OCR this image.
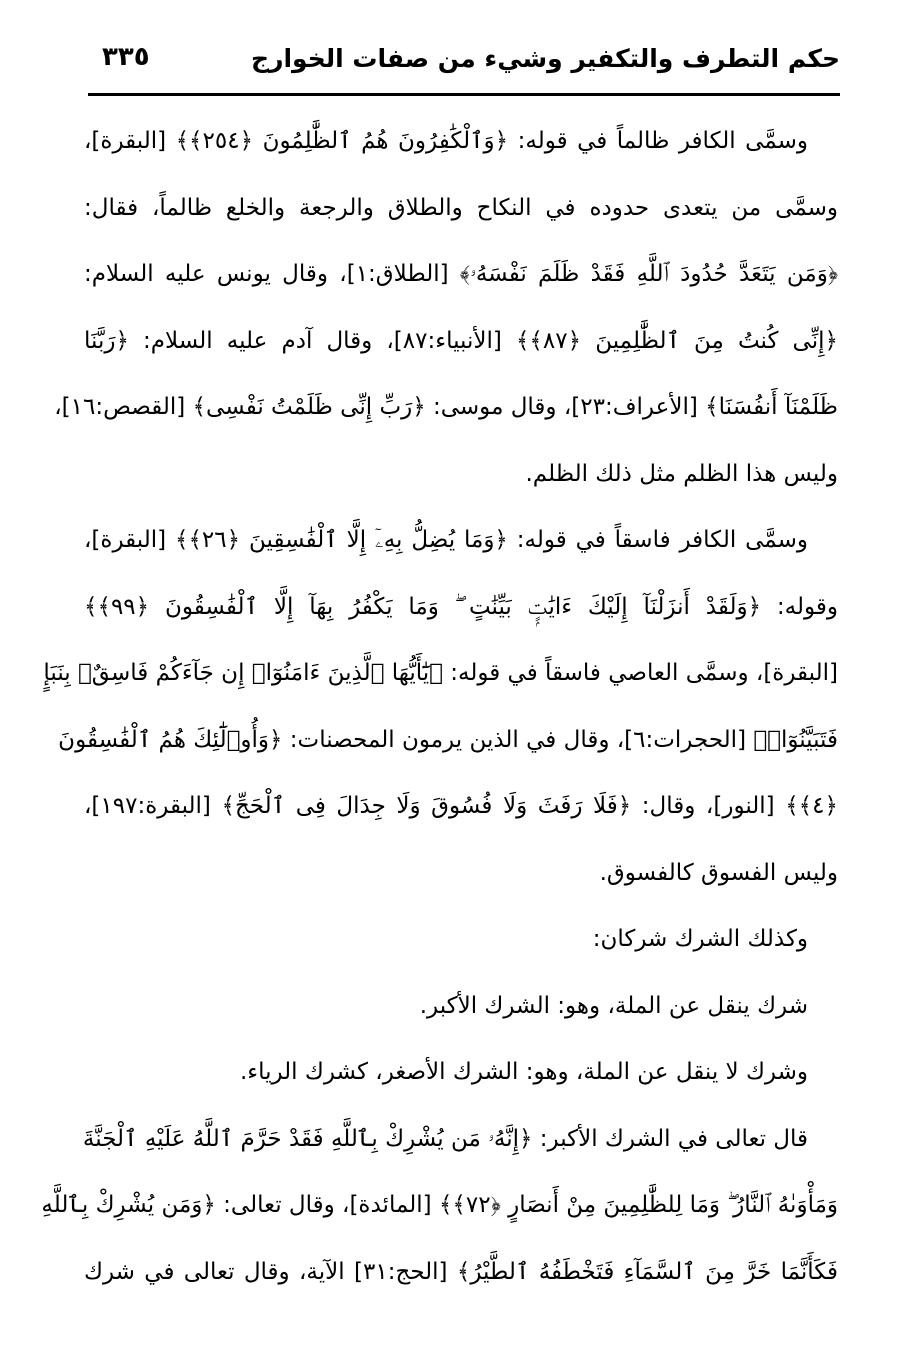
حكم التطرف والتكفير وشيء من صفات الخوارج
٣٣٥
وسمَّى الكافر ظالماً في قوله: ﴿وَٱلْكَٰفِرُونَ هُمُ ٱلظَّٰلِمُونَ ﴿٢٥٤﴾﴾ [البقرة]،
وسمَّى من يتعدى حدوده في النكاح والطلاق والرجعة والخلع ظالماً، فقال:
﴿وَمَن يَتَعَدَّ حُدُودَ ٱللَّهِ فَقَدْ ظَلَمَ نَفْسَهُۥ﴾ [الطلاق:١]، وقال يونس عليه السلام:
﴿إِنِّى كُنتُ مِنَ ٱلظَّٰلِمِينَ ﴿٨٧﴾﴾ [الأنبياء:٨٧]، وقال آدم عليه السلام: ﴿رَبَّنَا
ظَلَمْنَآ أَنفُسَنَا﴾ [الأعراف:٢٣]، وقال موسى: ﴿رَبِّ إِنِّى ظَلَمْتُ نَفْسِى﴾ [القصص:١٦]،
وليس هذا الظلم مثل ذلك الظلم.
وسمَّى الكافر فاسقاً في قوله: ﴿وَمَا يُضِلُّ بِهِۦٓ إِلَّا ٱلْفَٰسِقِينَ ﴿٢٦﴾﴾ [البقرة]،
وقوله: ﴿وَلَقَدْ أَنزَلْنَآ إِلَيْكَ ءَايَٰتٍۭ بَيِّنَٰتٍ ۖ وَمَا يَكْفُرُ بِهَآ إِلَّا ٱلْفَٰسِقُونَ ﴿٩٩﴾﴾
[البقرة]، وسمَّى العاصي فاسقاً في قوله: ﴿يَٰٓأَيُّهَا ٱلَّذِينَ ءَامَنُوٓا۟ إِن جَآءَكُمْ فَاسِقٌۢ بِنَبَإٍ
فَتَبَيَّنُوٓا۟﴾ [الحجرات:٦]، وقال في الذين يرمون المحصنات: ﴿وَأُو۟لَٰٓئِكَ هُمُ ٱلْفَٰسِقُونَ
﴿٤﴾﴾ [النور]، وقال: ﴿فَلَا رَفَثَ وَلَا فُسُوقَ وَلَا جِدَالَ فِى ٱلْحَجِّ﴾ [البقرة:١٩٧]،
وليس الفسوق كالفسوق.
وكذلك الشرك شركان:
شرك ينقل عن الملة، وهو: الشرك الأكبر.
وشرك لا ينقل عن الملة، وهو: الشرك الأصغر، كشرك الرياء.
قال تعالى في الشرك الأكبر: ﴿إِنَّهُۥ مَن يُشْرِكْ بِٱللَّهِ فَقَدْ حَرَّمَ ٱللَّهُ عَلَيْهِ ٱلْجَنَّةَ
وَمَأْوَىٰهُ ٱلنَّارُ ۖ وَمَا لِلظَّٰلِمِينَ مِنْ أَنصَارٍ ﴿٧٢﴾﴾ [المائدة]، وقال تعالى: ﴿وَمَن يُشْرِكْ بِٱللَّهِ
فَكَأَنَّمَا خَرَّ مِنَ ٱلسَّمَآءِ فَتَخْطَفُهُ ٱلطَّيْرُ﴾ [الحج:٣١] الآية، وقال تعالى في شرك
